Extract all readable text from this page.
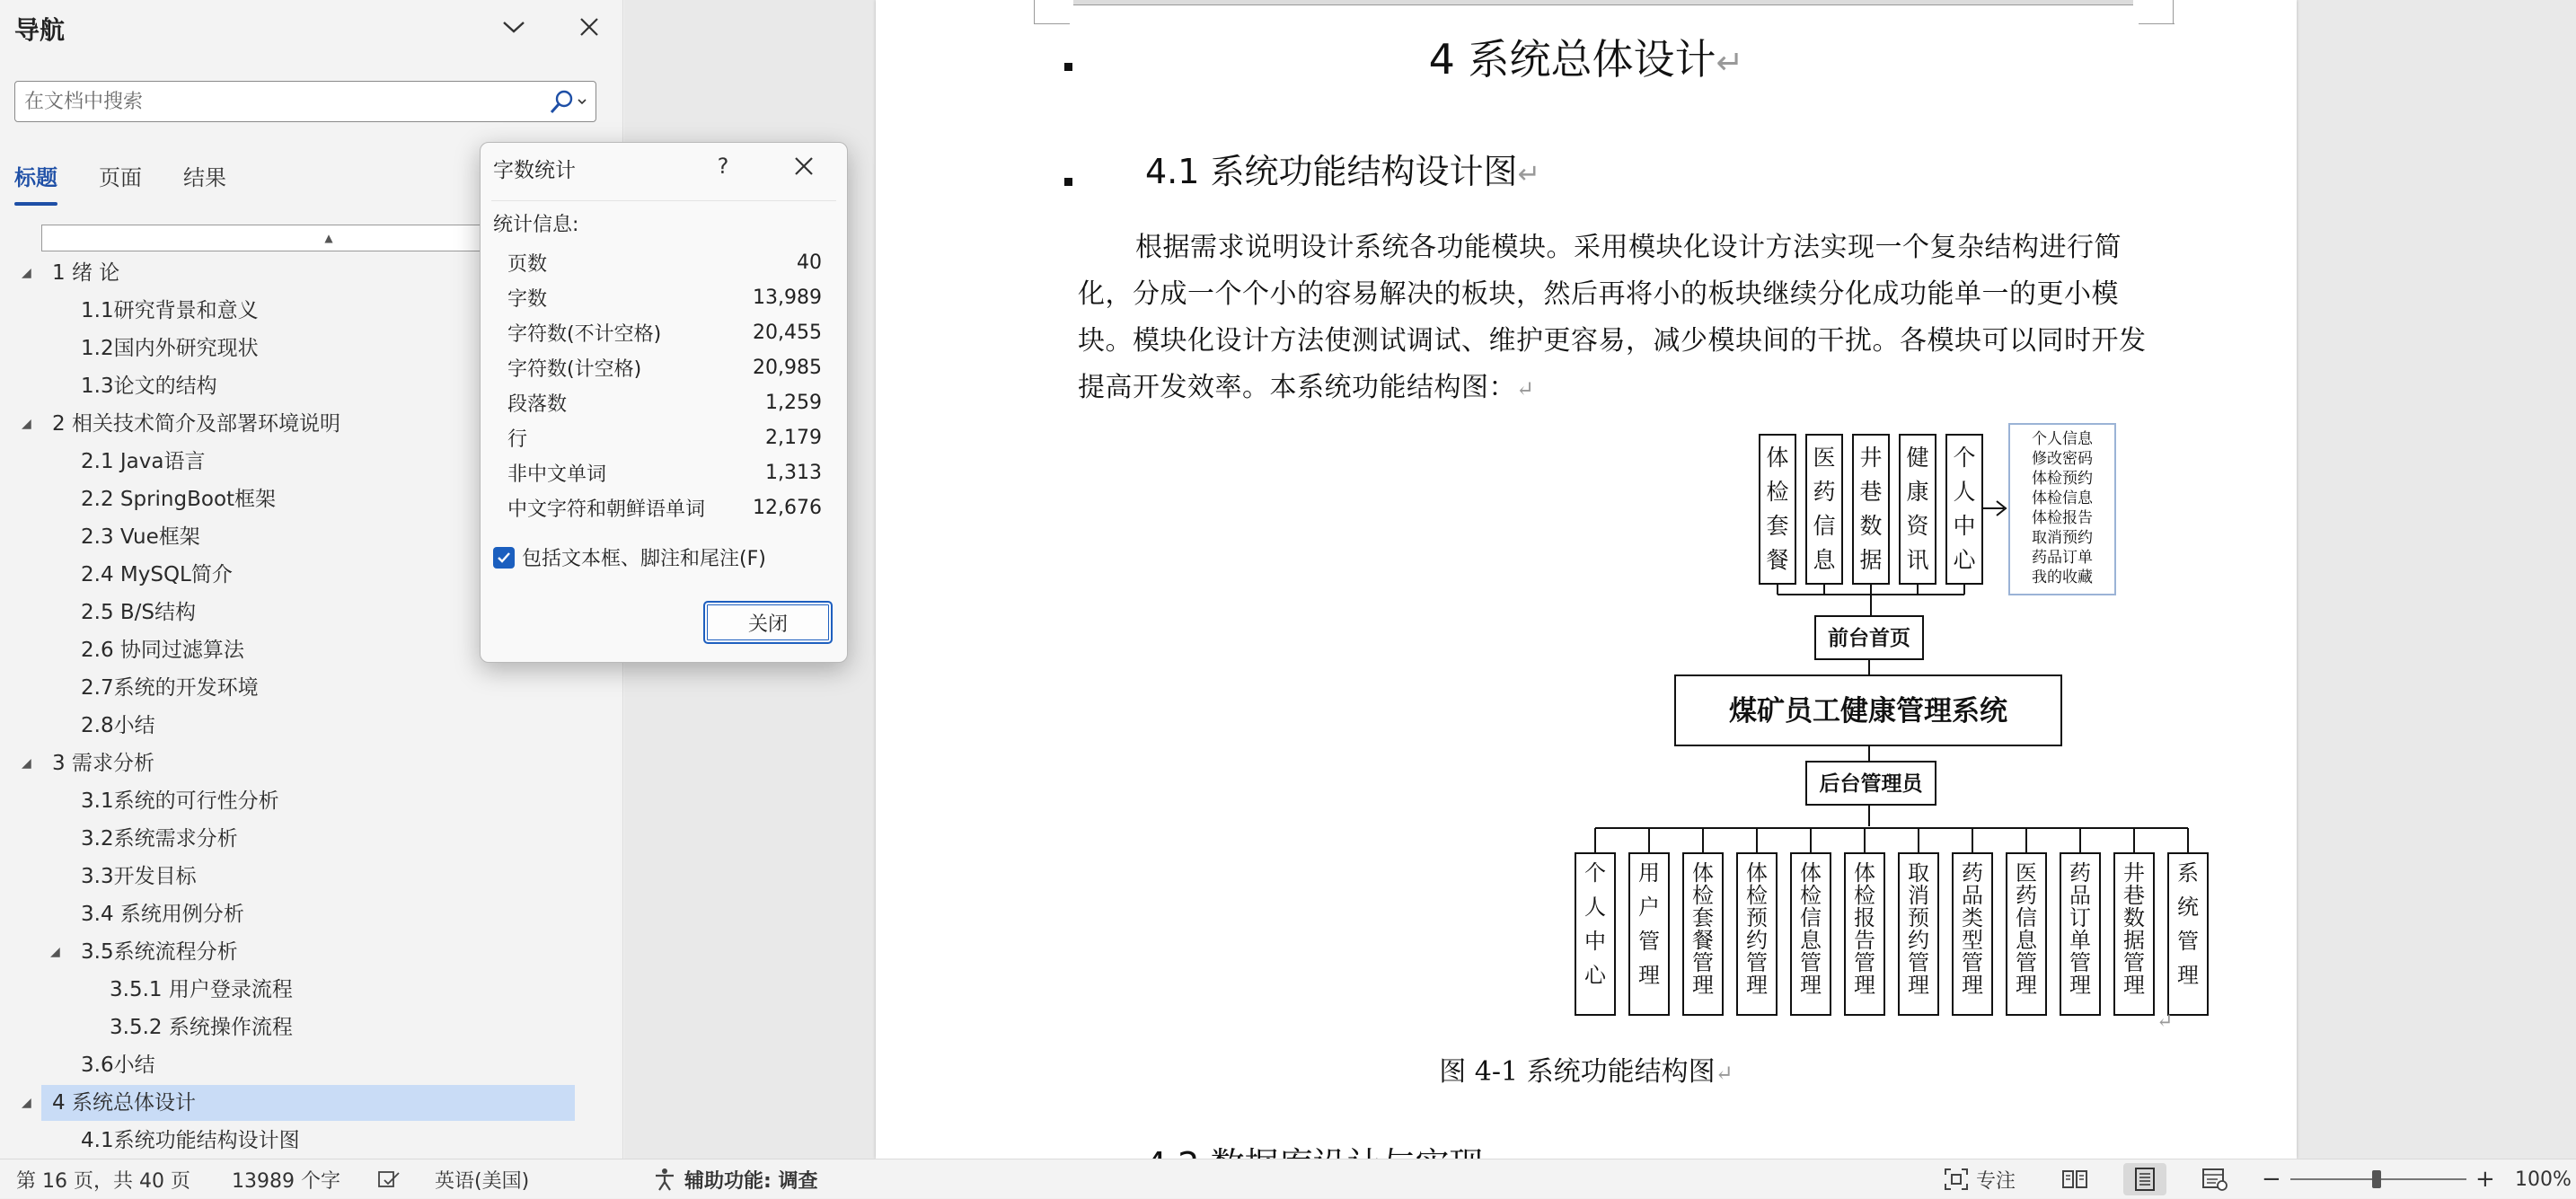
导航
在文档中搜索
标题 页面 结果
▲
1 绪 论
◢
1.1研究背景和意义
1.2国内外研究现状
1.3论文的结构
2 相关技术简介及部署环境说明
◢
2.1 Java语言
2.2 SpringBoot框架
2.3 Vue框架
2.4 MySQL简介
2.5 B/S结构
2.6 协同过滤算法
2.7系统的开发环境
2.8小结
3 需求分析
◢
3.1系统的可行性分析
3.2系统需求分析
3.3开发目标
3.4 系统用例分析
3.5系统流程分析
◢
3.5.1 用户登录流程
3.5.2 系统操作流程
3.6小结
4 系统总体设计
◢
4.1系统功能结构设计图
4 系统总体设计↵
4.1 系统功能结构设计图↵
根据需求说明设计系统各功能模块。采用模块化设计方法实现一个复杂结构进行简化，分成一个个小的容易解决的板块，然后再将小的板块继续分化成功能单一的更小模块。模块化设计方法使测试调试、维护更容易，减少模块间的干扰。各模块可以同时开发提高开发效率。本系统功能结构图：↵
体检套餐
医药信息
井巷数据
健康资讯
个人中心
个人信息
修改密码
体检预约
体检信息
体检报告
取消预约
药品订单
我的收藏
前台首页
煤矿员工健康管理系统
后台管理员
个人中心
用户管理
体检套餐管理
体检预约管理
体检信息管理
体检报告管理
取消预约管理
药品类型管理
医药信息管理
药品订单管理
井巷数据管理
系统管理
↵
图 4-1 系统功能结构图↵
字数统计	?
统计信息:
页数	40
字数	13,989
字符数(不计空格)	20,455
字符数(计空格)	20,985
段落数	1,259
行	2,179
非中文单词	1,313
中文字符和朝鲜语单词 12,676
包括文本框、脚注和尾注(F)
关闭
第 16 页，共 40 页 13989 个字	英语(美国)	辅助功能: 调查	专注	−	+ 100%
